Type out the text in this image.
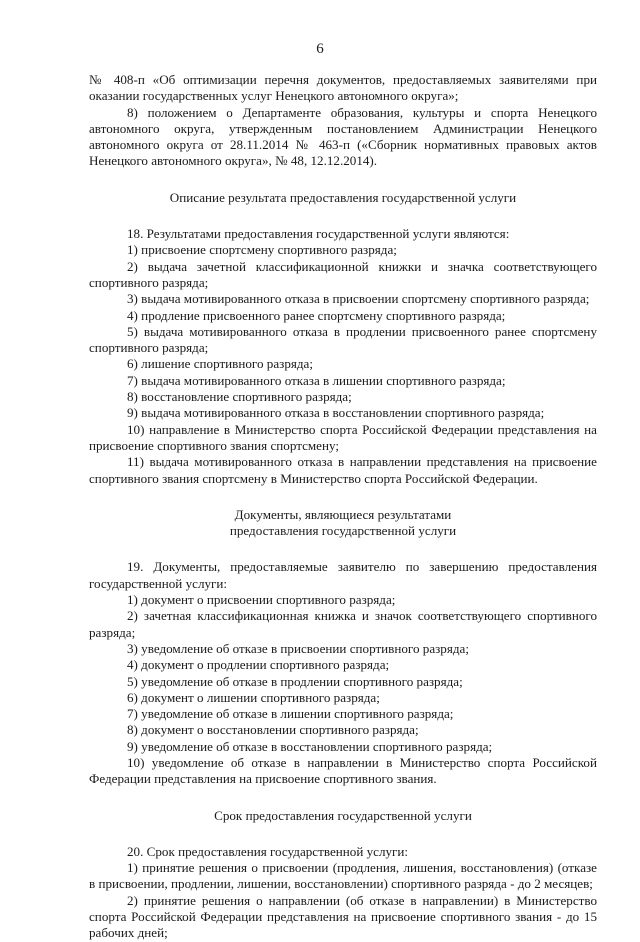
6

№ 408-п «Об оптимизации перечня документов, предоставляемых заявителями при оказании государственных услуг Ненецкого автономного округа»;

8) положением о Департаменте образования, культуры и спорта Ненецкого автономного округа, утвержденным постановлением Администрации Ненецкого автономного округа от 28.11.2014 № 463-п («Сборник нормативных правовых актов Ненецкого автономного округа», № 48, 12.12.2014).

Описание результата предоставления государственной услуги

18. Результатами предоставления государственной услуги являются:

1) присвоение спортсмену спортивного разряда;

2) выдача зачетной классификационной книжки и значка соответствующего спортивного разряда;

3) выдача мотивированного отказа в присвоении спортсмену спортивного разряда;

4) продление присвоенного ранее спортсмену спортивного разряда;

5) выдача мотивированного отказа в продлении присвоенного ранее спортсмену спортивного разряда;

6) лишение спортивного разряда;

7) выдача мотивированного отказа в лишении спортивного разряда;

8) восстановление спортивного разряда;

9) выдача мотивированного отказа в восстановлении спортивного разряда;

10) направление в Министерство спорта Российской Федерации представления на присвоение спортивного звания спортсмену;

11) выдача мотивированного отказа в направлении представления на присвоение спортивного звания спортсмену в Министерство спорта Российской Федерации.

Документы, являющиеся результатами

предоставления государственной услуги

19. Документы, предоставляемые заявителю по завершению предоставления государственной услуги:

1) документ о присвоении спортивного разряда;

2) зачетная классификационная книжка и значок соответствующего спортивного разряда;

3) уведомление об отказе в присвоении спортивного разряда;

4) документ о продлении спортивного разряда;

5) уведомление об отказе в продлении спортивного разряда;

6) документ о лишении спортивного разряда;

7) уведомление об отказе в лишении спортивного разряда;

8) документ о восстановлении спортивного разряда;

9) уведомление об отказе в восстановлении спортивного разряда;

10) уведомление об отказе в направлении в Министерство спорта Российской Федерации представления на присвоение спортивного звания.

Срок предоставления государственной услуги

20. Срок предоставления государственной услуги:

1) принятие решения о присвоении (продления, лишения, восстановления) (отказе в присвоении, продлении, лишении, восстановлении) спортивного разряда - до 2 месяцев;

2) принятие решения о направлении (об отказе в направлении) в Министерство спорта Российской Федерации представления на присвоение спортивного звания - до 15 рабочих дней;
